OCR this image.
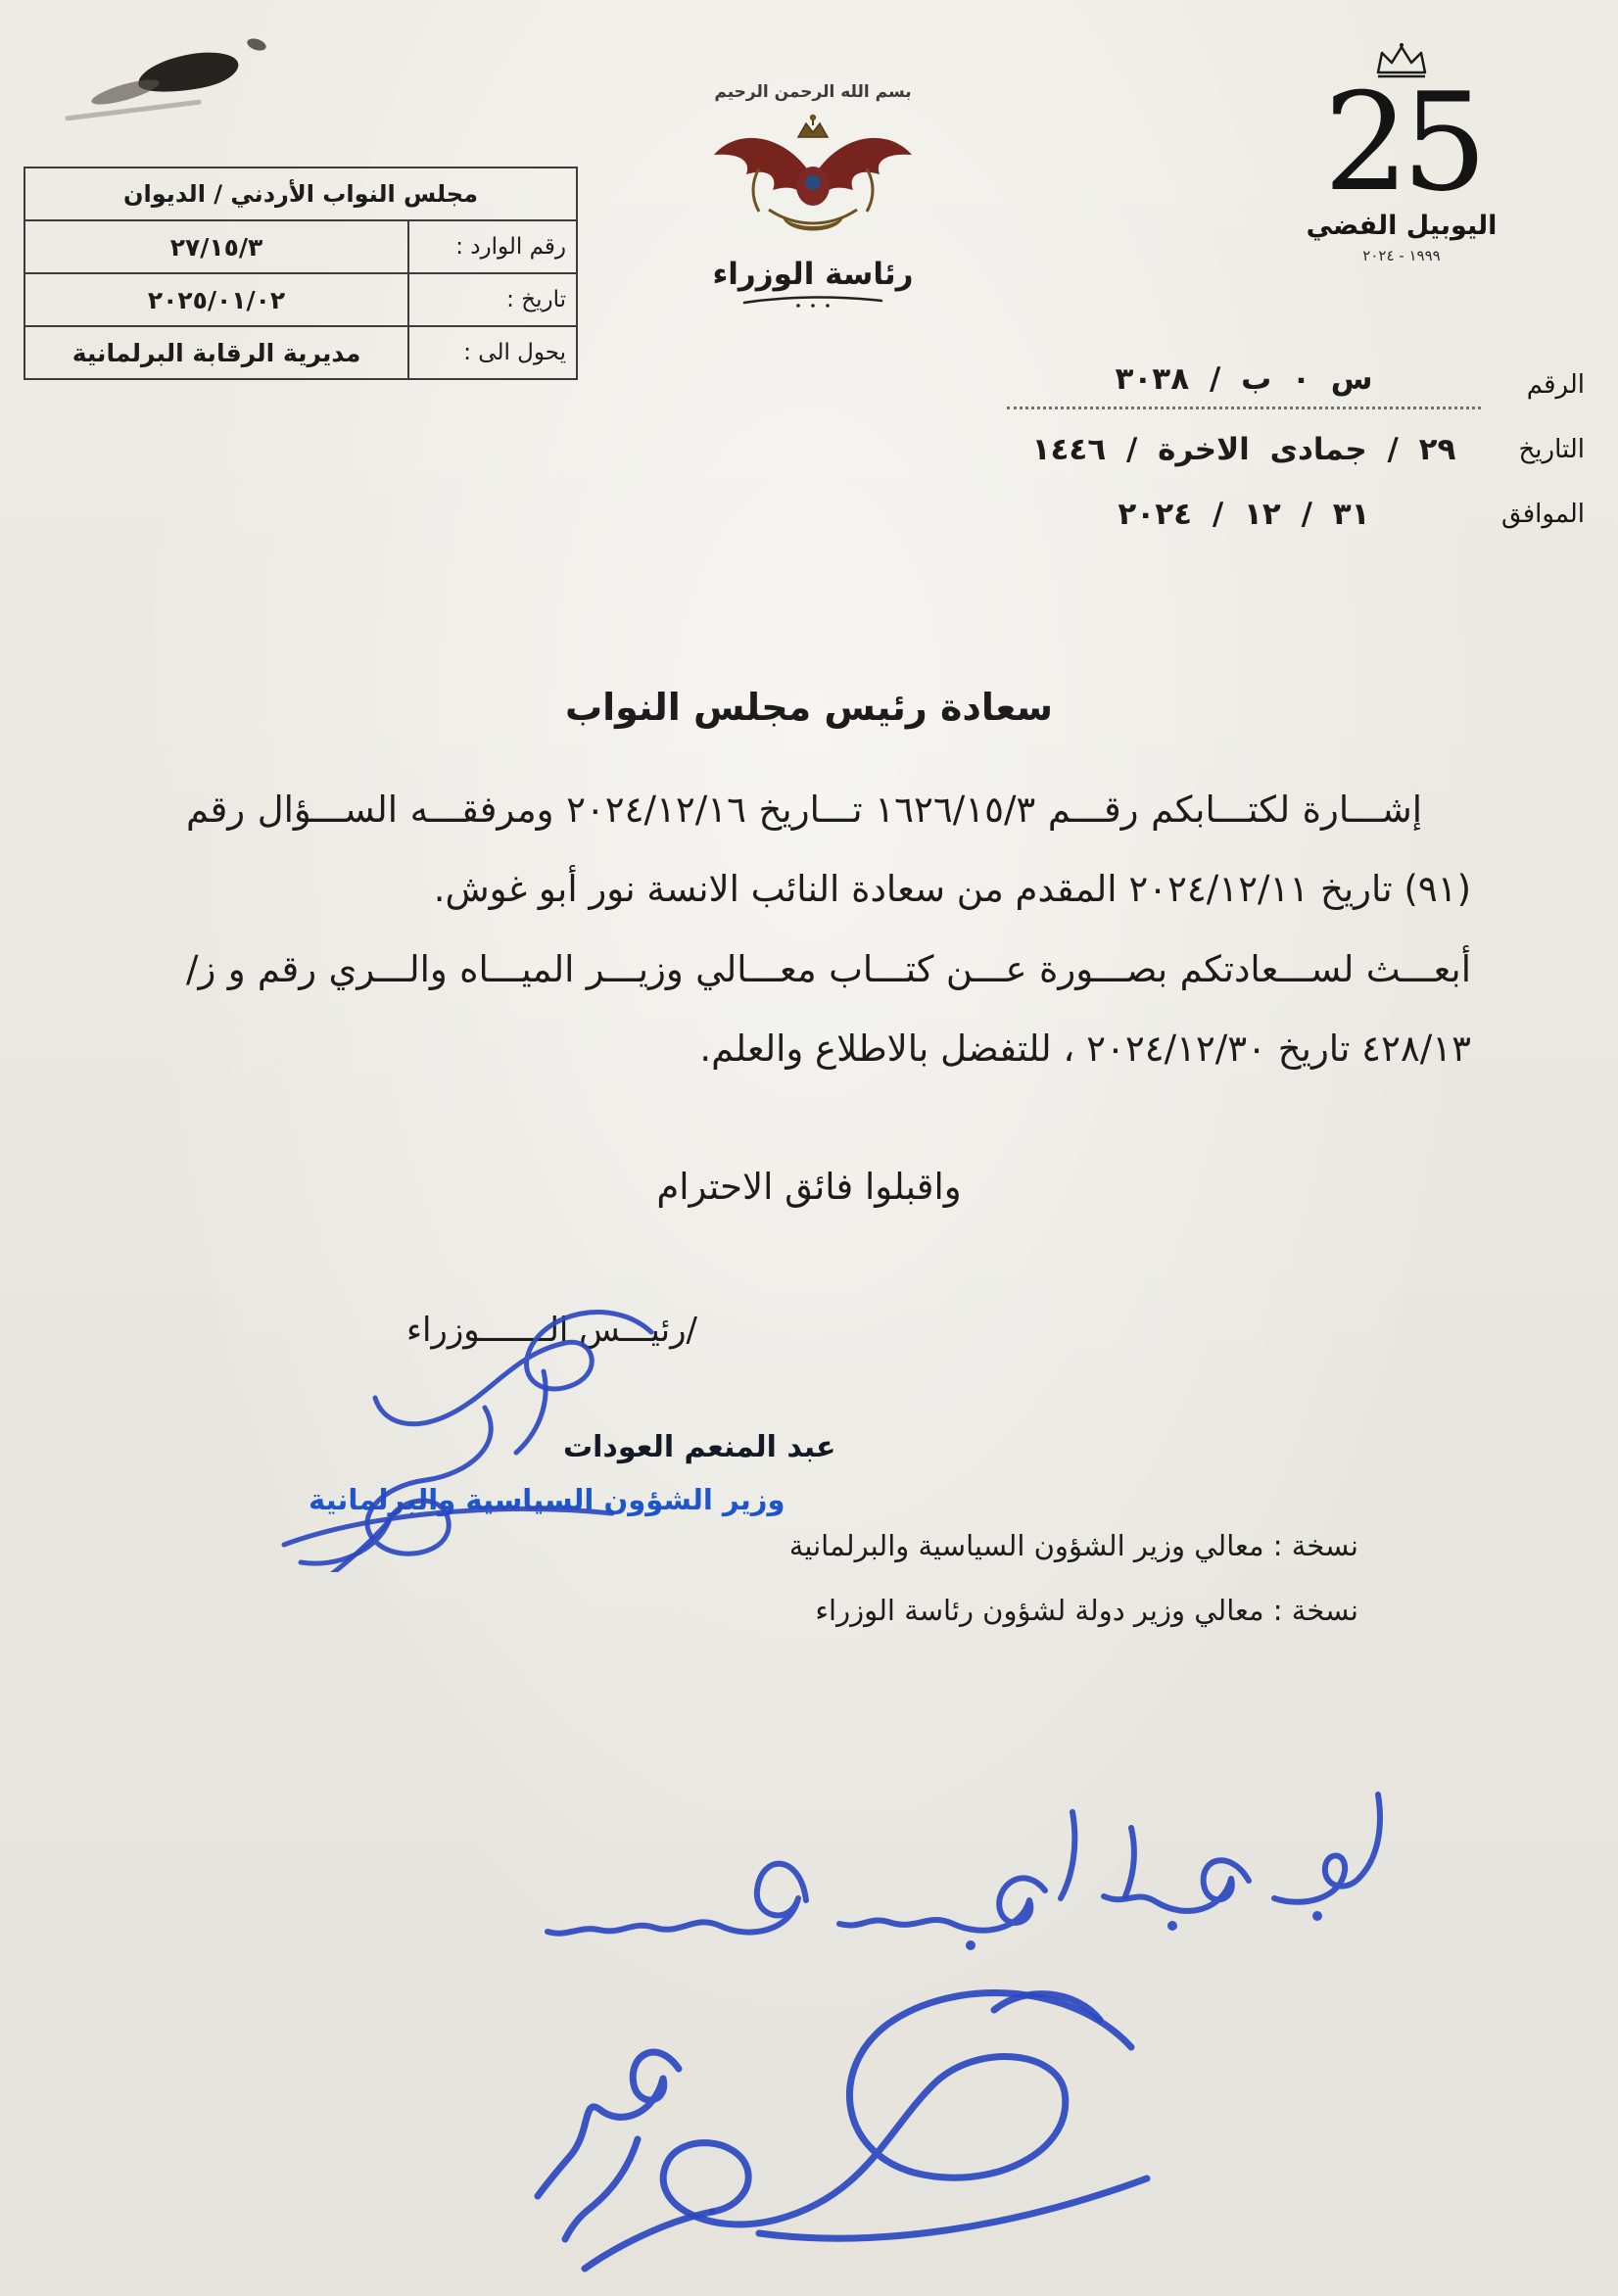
مجلس النواب الأردني / الديوان
رقم الوارد :
٢٧/١٥/٣
تاريخ :
٢٠٢٥/٠١/٠٢
يحول الى :
مديرية الرقابة البرلمانية
بسم الله الرحمن الرحيم
رئاسة الوزراء
25
اليوبيل الفضي
١٩٩٩ - ٢٠٢٤
الرقم
س ٠ ب / ٣٠٣٨
التاريخ
٢٩ / جمادى الاخرة / ١٤٤٦
الموافق
٣١ / ١٢ / ٢٠٢٤
سعادة رئيس مجلس النواب

إشـــارة لكتـــابكم رقـــم ١٦٢٦/١٥/٣ تـــاريخ ٢٠٢٤/١٢/١٦ ومرفقـــه الســـؤال رقم (٩١) تاريخ ٢٠٢٤/١٢/١١ المقدم من سعادة النائب الانسة نور أبو غوش.

أبعـــث لســـعادتكم بصـــورة عـــن كتـــاب معـــالي وزيـــر الميـــاه والـــري رقم و ز/٤٢٨/١٣ تاريخ ٢٠٢٤/١٢/٣٠ ، للتفضل بالاطلاع والعلم.

واقبلوا فائق الاحترام
/رئيـــس الـــــــوزراء
عبد المنعم العودات
وزير الشؤون السياسية والبرلمانية
نسخة : معالي وزير الشؤون السياسية والبرلمانية
نسخة : معالي وزير دولة لشؤون رئاسة الوزراء
